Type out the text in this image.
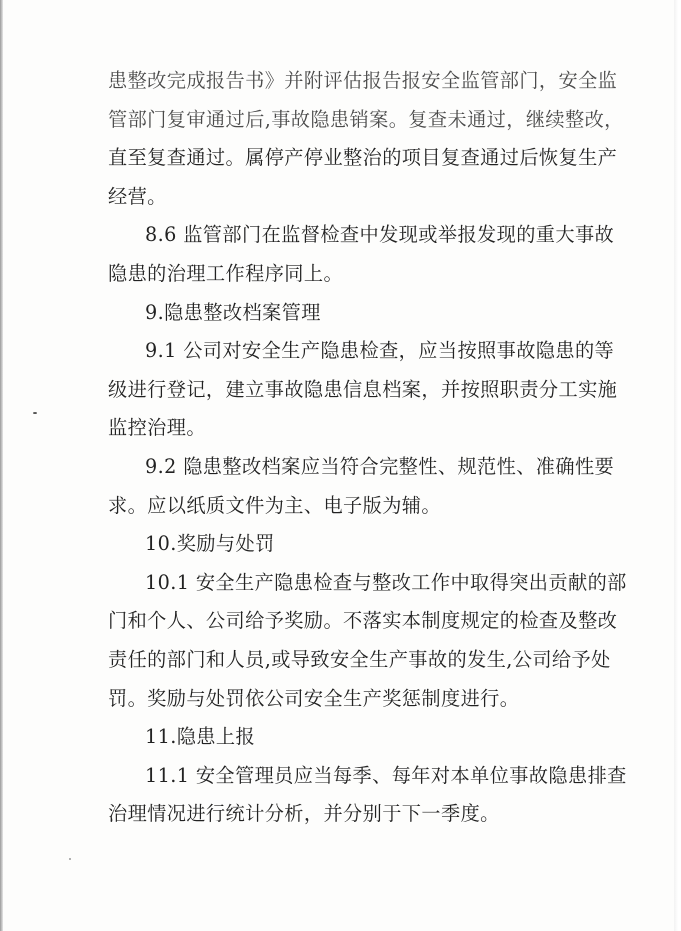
患整改完成报告书》并附评估报告报安全监管部门，安全监
管部门复审通过后,事故隐患销案。复查未通过，继续整改，
直至复查通过。属停产停业整治的项目复查通过后恢复生产
经营。
8.6 监管部门在监督检查中发现或举报发现的重大事故
隐患的治理工作程序同上。
9.隐患整改档案管理
9.1 公司对安全生产隐患检查，应当按照事故隐患的等
级进行登记，建立事故隐患信息档案，并按照职责分工实施
监控治理。
9.2 隐患整改档案应当符合完整性、规范性、准确性要
求。应以纸质文件为主、电子版为辅。
10.奖励与处罚
10.1 安全生产隐患检查与整改工作中取得突出贡献的部
门和个人、公司给予奖励。不落实本制度规定的检查及整改
责任的部门和人员,或导致安全生产事故的发生,公司给予处
罚。奖励与处罚依公司安全生产奖惩制度进行。
11.隐患上报
11.1 安全管理员应当每季、每年对本单位事故隐患排查
治理情况进行统计分析，并分别于下一季度。
